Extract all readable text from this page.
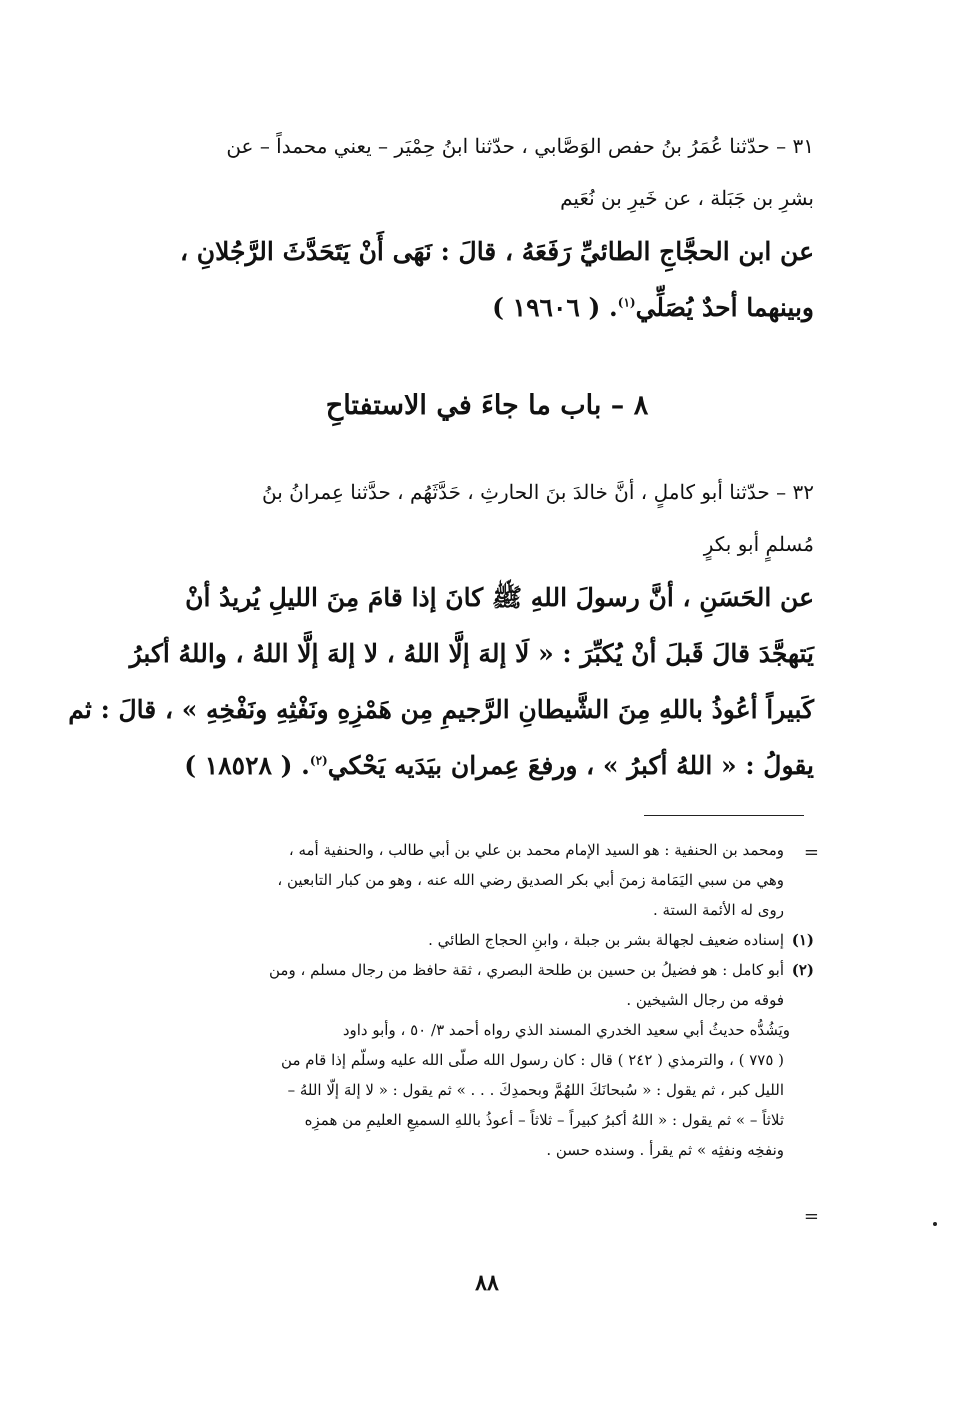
٣١ – حدّثنا عُمَرُ بنُ حفص الوَصَّابي ، حدّثنا ابنُ حِمْيَر – يعني محمداً – عن
بشرِ بن جَبَلة ، عن خَيرِ بن نُعَيم
عن ابن الحجَّاجِ الطائيِّ رَفَعَهُ ، قالَ : نَهَى أَنْ يَتَحَدَّثَ الرَّجُلانِ ،
وبينهما أحدٌ يُصَلِّي$^{(١)}$. ( ١٩٦٠٦ )
٨ – باب ما جاءَ في الاستفتاحِ
٣٢ – حدّثنا أبو كاملٍ ، أنَّ خالدَ بنَ الحارثِ ، حَدَّثَهُم ، حدَّثنا عِمرانُ بنُ
مُسلمٍ أبو بكرٍ
عن الحَسَنِ ، أنَّ رسولَ اللهِ ﷺ كانَ إذا قامَ مِنَ الليلِ يُريدُ أنْ
يَتهجَّدَ قالَ قَبلَ أنْ يُكبِّرَ : « لَا إلهَ إلَّا اللهُ ، لا إلهَ إلَّا اللهُ ، واللهُ أكبرُ
كَبيراً أعُوذُ باللهِ مِنَ الشَّيطانِ الرَّجيمِ مِن هَمْزِهِ ونَفْثِهِ ونَفْخِهِ » ، قالَ : ثم
يقولُ : « اللهُ أكبرُ » ، ورفعَ عِمران بيَدَيه يَحْكي$^{(٢)}$. ( ١٨٥٢٨ )
=
ومحمد بن الحنفية : هو السيد الإمام محمد بن علي بن أبي طالب ، والحنفية أمه ،
وهي من سبي اليَمَامة زمنَ أبي بكر الصديق رضي الله عنه ، وهو من كبار التابعين ،
روى له الأئمة الستة .
(١)إسناده ضعيف لجهالة بشر بن جبلة ، وابنِ الحجاج الطائي .
(٢)أبو كامل : هو فضيلُ بن حسين بن طلحة البصري ، ثقة حافظ من رجال مسلم ، ومن
فوقه من رجال الشيخين .
ويَشُدُّه حديثُ أبي سعيد الخدري المسند الذي رواه أحمد ٣/ ٥٠ ، وأبو داود
( ٧٧٥ ) ، والترمذي ( ٢٤٢ ) قال : كان رسول الله صلّى الله عليه وسلّم إذا قام من
الليل كبر ، ثم يقول : « سُبحانَكَ اللهُمَّ وبحمدِكَ . . . » ثم يقول : « لا إلهَ إلّا اللهُ –
ثلاثاً – » ثم يقول : « اللهُ أكبرُ كبيراً – ثلاثاً – أعوذُ باللهِ السميعِ العليمِ من همزِه
ونفخِه ونفثِه » ثم يقرأ . وسنده حسن .
=
٨٨
